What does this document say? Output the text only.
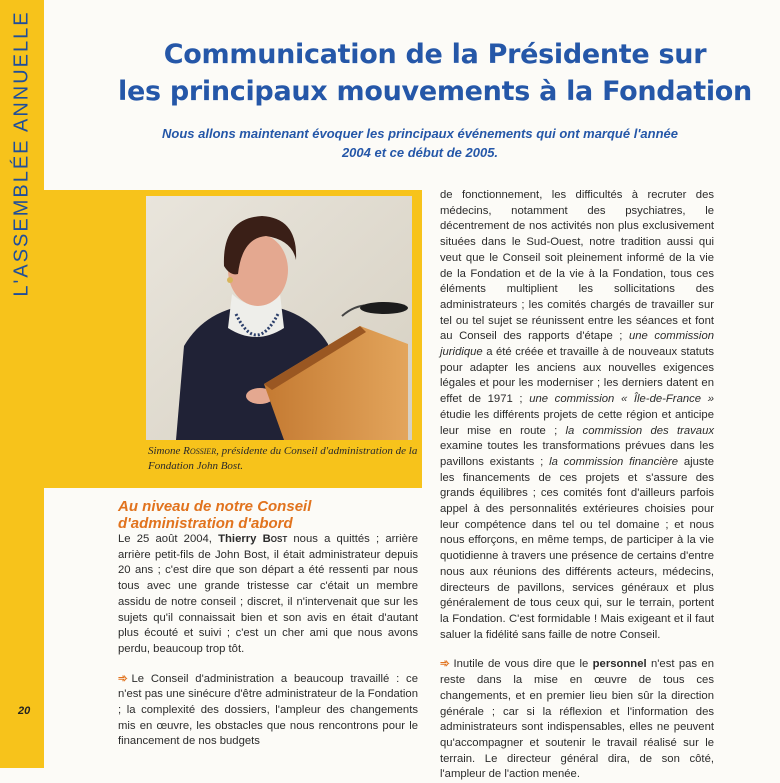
L'ASSEMBLÉE ANNUELLE
20
Communication de la Présidente sur
les principaux mouvements à la Fondation
Nous allons maintenant évoquer les principaux événements qui ont marqué l'année 2004 et ce début de 2005.
Simone Rossier, présidente du Conseil d'administration de la Fondation John Bost.
Au niveau de notre Conseil d'administration d'abord

Le 25 août 2004, Thierry Bost nous a quittés ; arrière arrière petit-fils de John Bost, il était administrateur depuis 20 ans ; c'est dire que son départ a été ressenti par nous tous avec une grande tristesse car c'était un membre assidu de notre conseil ; discret, il n'intervenait que sur les sujets qu'il connaissait bien et son avis en était d'autant plus écouté et suivi ; c'est un cher ami que nous avons perdu, beaucoup trop tôt.

➾ Le Conseil d'administration a beaucoup travaillé : ce n'est pas une sinécure d'être administrateur de la Fondation ; la complexité des dossiers, l'ampleur des changements mis en œuvre, les obstacles que nous rencontrons pour le financement de nos budgets

de fonctionnement, les difficultés à recruter des médecins, notamment des psychiatres, le décentrement de nos activités non plus exclusivement situées dans le Sud-Ouest, notre tradition aussi qui veut que le Conseil soit pleinement informé de la vie de la Fondation et de la vie à la Fondation, tous ces éléments multiplient les sollicitations des administrateurs ; les comités chargés de travailler sur tel ou tel sujet se réunissent entre les séances et font au Conseil des rapports d'étape ; une commission juridique a été créée et travaille à de nouveaux statuts pour adapter les anciens aux nouvelles exigences légales et pour les moderniser ; les derniers datent en effet de 1971 ; une commission « Île-de-France » étudie les différents projets de cette région et anticipe leur mise en route ; la commission des travaux examine toutes les transformations prévues dans les pavillons existants ; la commission financière ajuste les financements de ces projets et s'assure des grands équilibres ; ces comités font d'ailleurs parfois appel à des personnalités extérieures choisies pour leur compétence dans tel ou tel domaine ; et nous nous efforçons, en même temps, de participer à la vie quotidienne à travers une présence de certains d'entre nous aux réunions des différents acteurs, médecins, directeurs de pavillons, services généraux et plus généralement de tous ceux qui, sur le terrain, portent la Fondation. C'est formidable ! Mais exigeant et il faut saluer la fidélité sans faille de notre Conseil.

➾ Inutile de vous dire que le personnel n'est pas en reste dans la mise en œuvre de tous ces changements, et en premier lieu bien sûr la direction générale ; car si la réflexion et l'information des administrateurs sont indispensables, elles ne peuvent qu'accompagner et soutenir le travail réalisé sur le terrain. Le directeur général dira, de son côté, l'ampleur de l'action menée.
